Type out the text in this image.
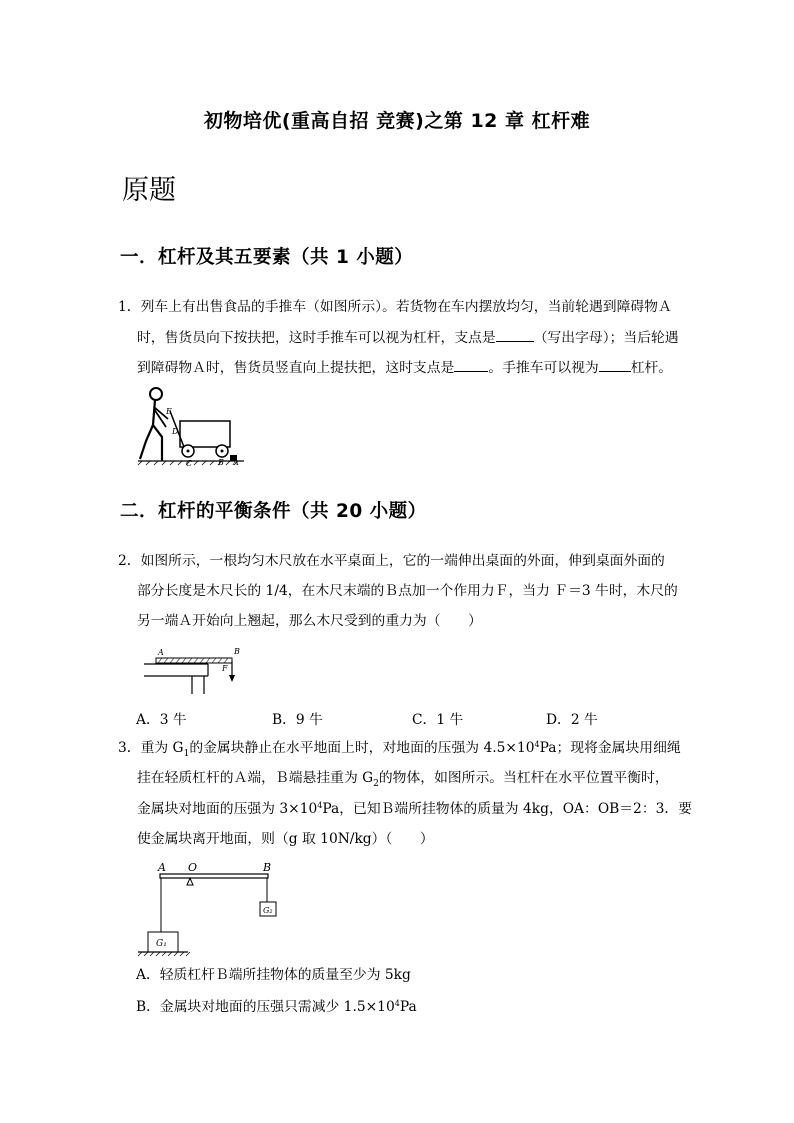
初物培优(重高自招 竞赛)之第 12 章 杠杆难
原题
一．杠杆及其五要素（共 1 小题）
1．列车上有出售食品的手推车（如图所示）。若货物在车内摆放均匀，当前轮遇到障碍物Ａ
时，售货员向下按扶把，这时手推车可以视为杠杆，支点是	（写出字母）；当后轮遇
到障碍物Ａ时，售货员竖直向上提扶把，这时支点是 。手推车可以视为 杠杆。
E
D
C	B A
二．杠杆的平衡条件（共 20 小题）
2．如图所示，一根均匀木尺放在水平桌面上，它的一端伸出桌面的外面，伸到桌面外面的
部分长度是木尺长的 1/4，在木尺末端的Ｂ点加一个作用力Ｆ，当力 Ｆ＝3 牛时，木尺的
另一端Ａ开始向上翘起，那么木尺受到的重力为（　　）
A	B
F
A．3 牛	B．9 牛	C．1 牛	D．2 牛
3．重为 $G_1$的金属块静止在水平地面上时，对地面的压强为 $4.5\times 10^4Pa$；现将金属块用细绳
挂在轻质杠杆的Ａ端，Ｂ端悬挂重为 $G_2$的物体，如图所示。当杠杆在水平位置平衡时，
金属块对地面的压强为 $3\times 10^4Pa$，已知Ｂ端所挂物体的质量为 4kg，OA：OB＝2：3．要
使金属块离开地面，则（g 取 10N/kg）（　　）
A O	B
G₂
G₁
A．轻质杠杆Ｂ端所挂物体的质量至少为 5kg
B．金属块对地面的压强只需减少 $1.5\times 10^4Pa$
